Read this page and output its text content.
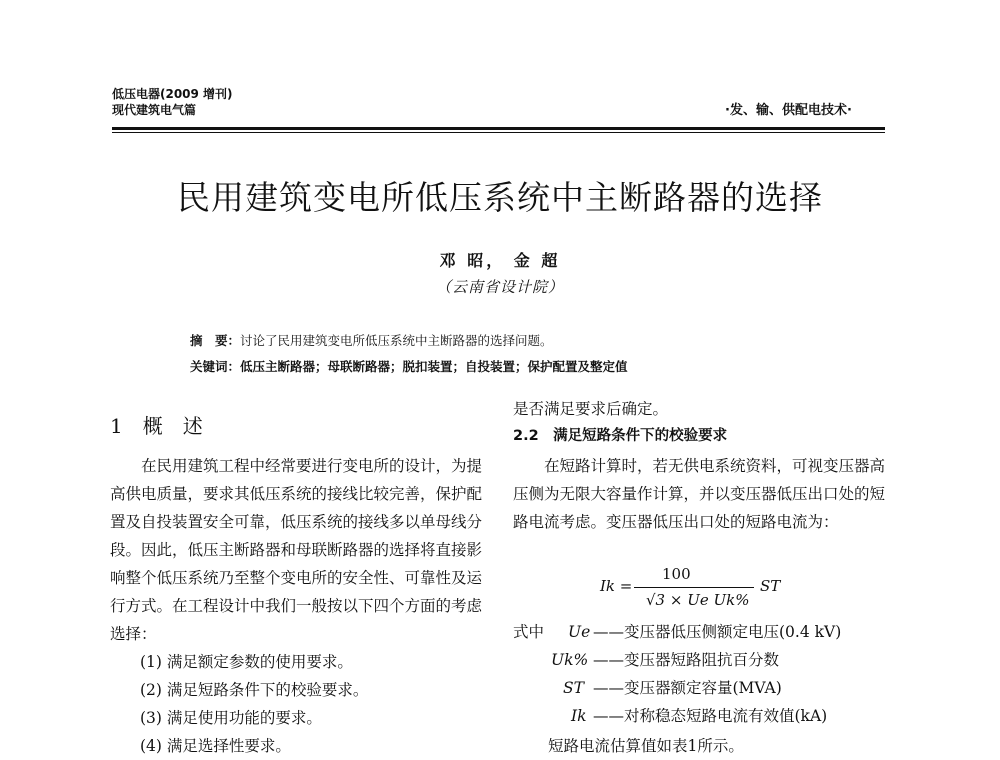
低压电器(2009 增刊)
现代建筑电气篇	·发、输、供配电技术·
民用建筑变电所低压系统中主断路器的选择
邓 昭， 金 超
（云南省设计院）
摘　要：讨论了民用建筑变电所低压系统中主断路器的选择问题。
关键词：低压主断路器；母联断路器；脱扣装置；自投装置；保护配置及整定值
1　概　述
在民用建筑工程中经常要进行变电所的设计，为提高供电质量，要求其低压系统的接线比较完善，保护配置及自投装置安全可靠，低压系统的接线多以单母线分段。因此，低压主断路器和母联断路器的选择将直接影响整个低压系统乃至整个变电所的安全性、可靠性及运行方式。在工程设计中我们一般按以下四个方面的考虑选择：
(1) 满足额定参数的使用要求。
(2) 满足短路条件下的校验要求。
(3) 满足使用功能的要求。
(4) 满足选择性要求。
是否满足要求后确定。
2.2　满足短路条件下的校验要求
在短路计算时，若无供电系统资料，可视变压器高压侧为无限大容量作计算，并以变压器低压出口处的短路电流考虑。变压器低压出口处的短路电流为：
Ik =
100
√3 × Ue Uk%
ST
式中 Ue ——变压器低压侧额定电压(0.4 kV)
Uk% ——变压器短路阻抗百分数
ST ——变压器额定容量(MVA)
Ik ——对称稳态短路电流有效值(kA)
短路电流估算值如表1所示。
